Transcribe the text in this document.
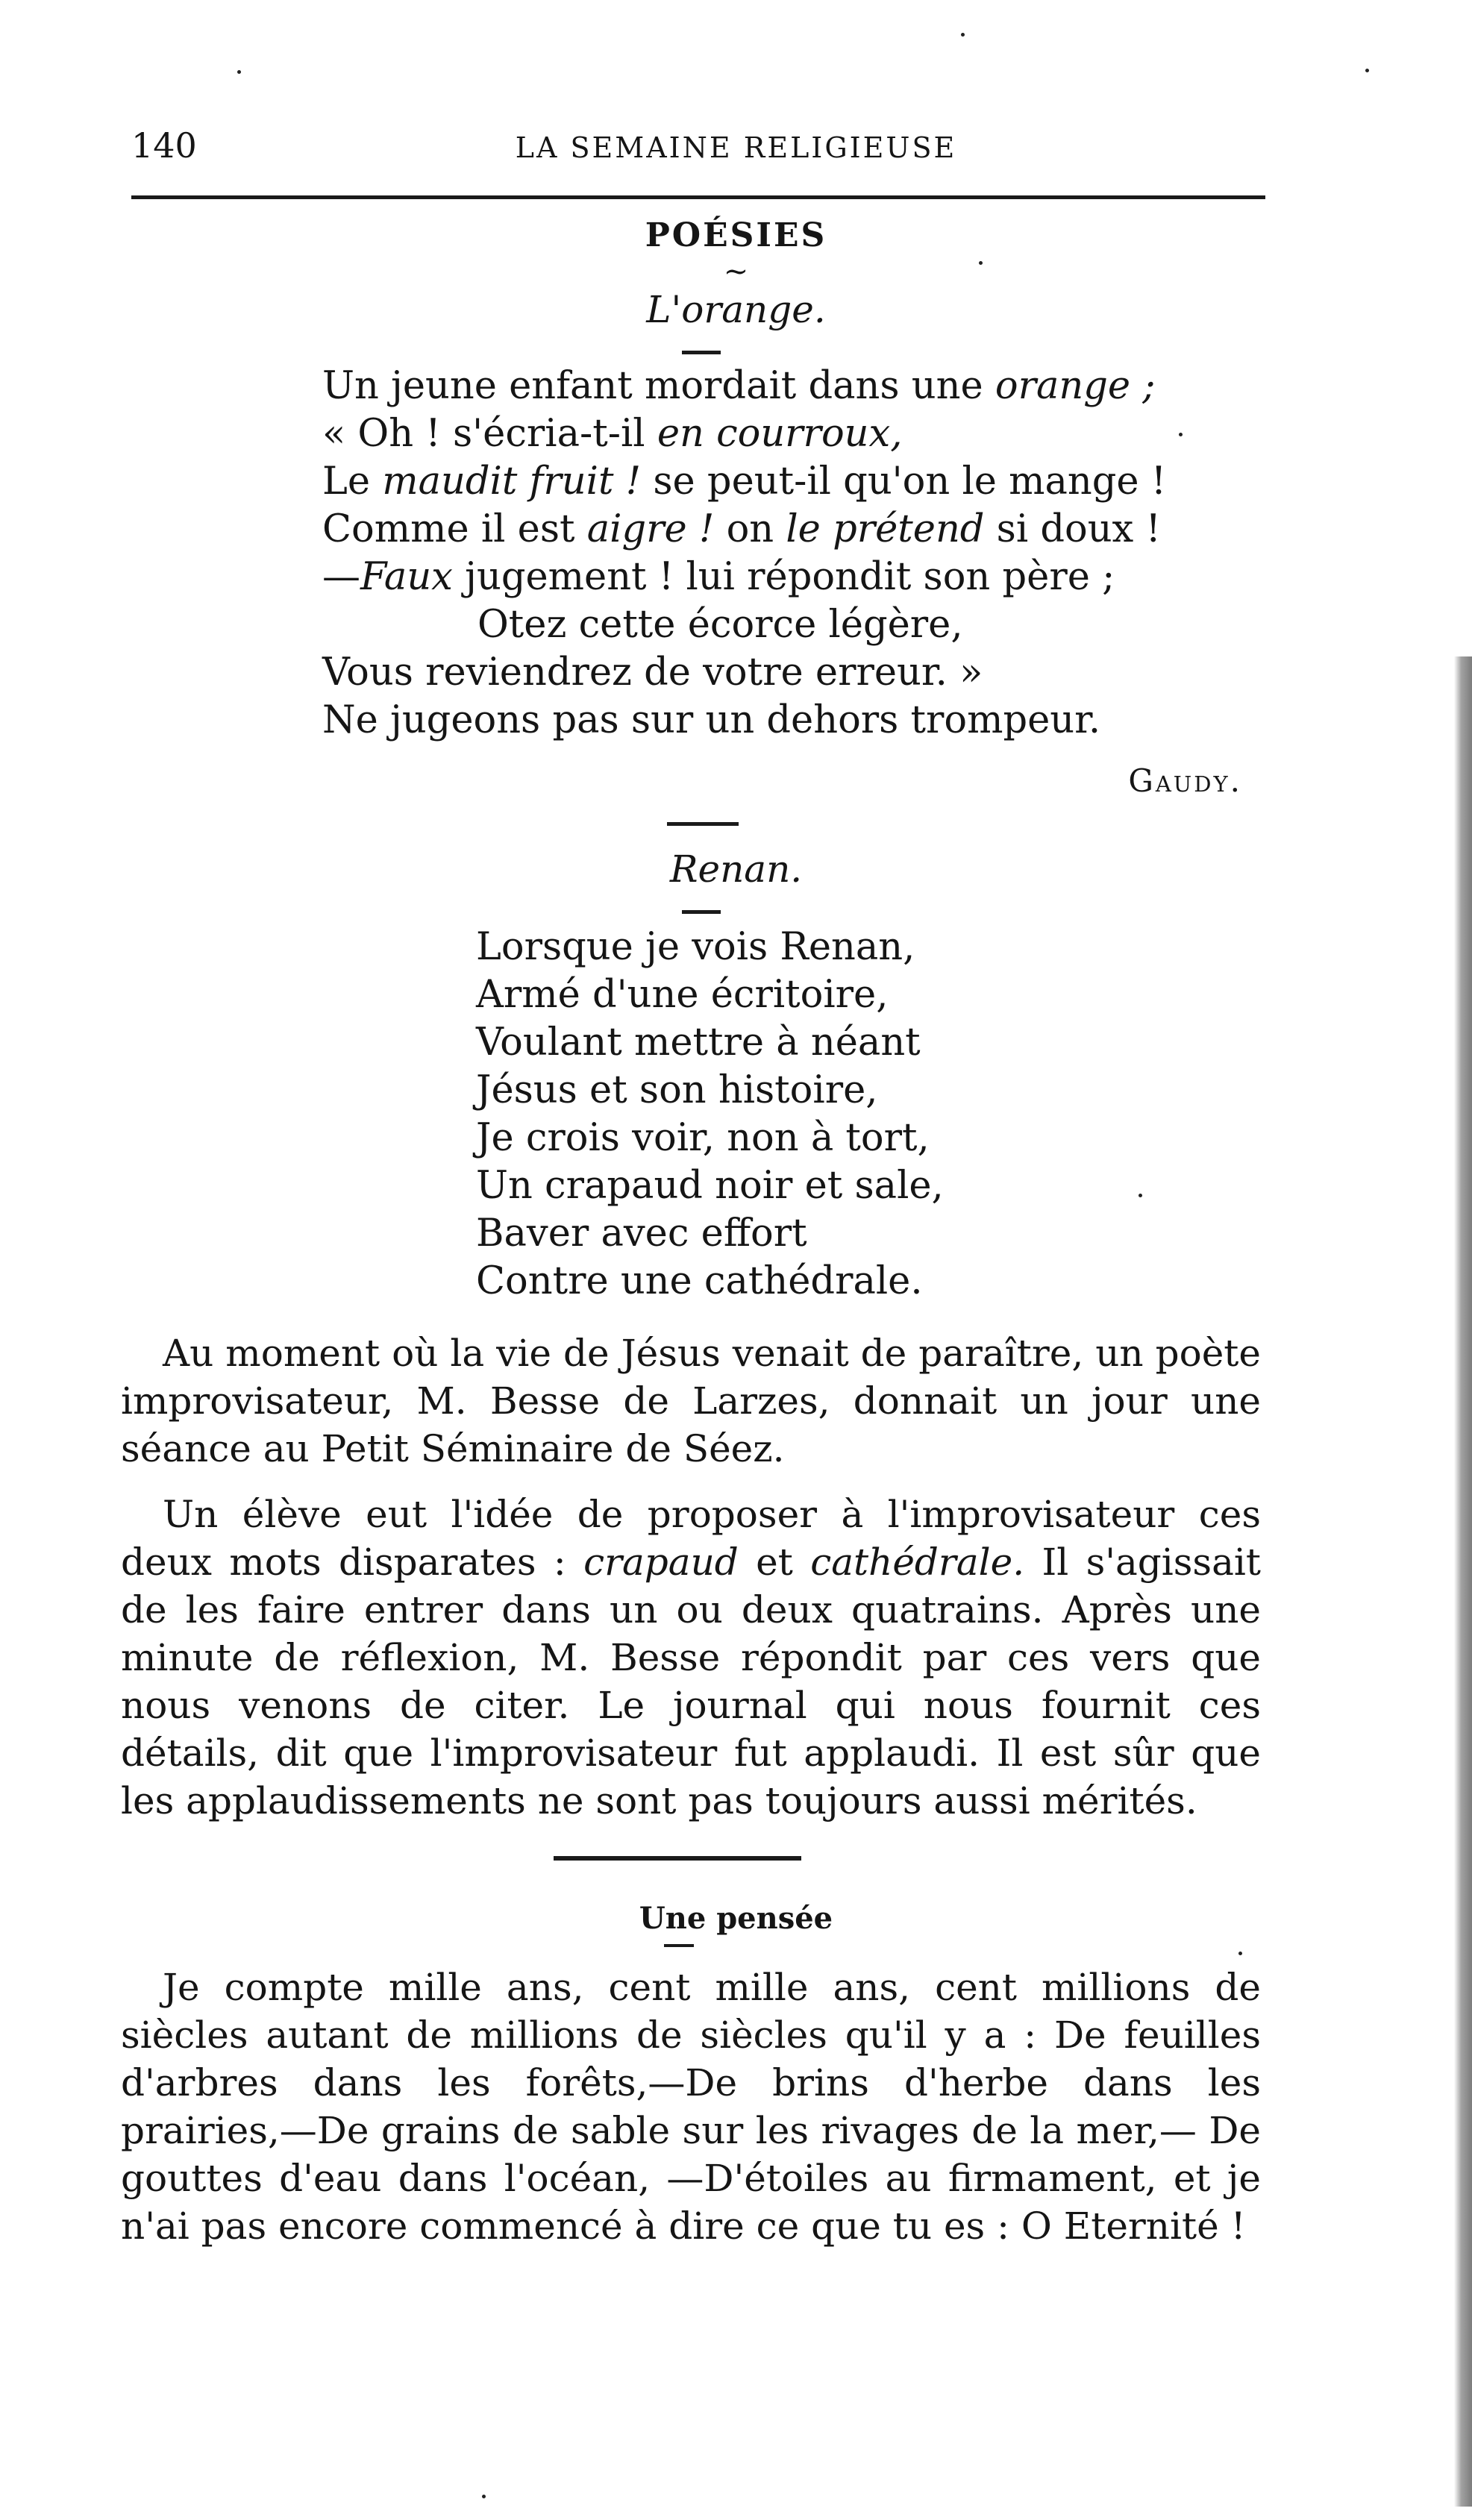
140	LA SEMAINE RELIGIEUSE
POÉSIES
~
L'orange.
Un jeune enfant mordait dans une orange ;
« Oh ! s'écria-t-il en courroux,
Le maudit fruit ! se peut-il qu'on le mange !
Comme il est aigre ! on le prétend si doux !
—Faux jugement ! lui répondit son père ;
Otez cette écorce légère,
Vous reviendrez de votre erreur. »
Ne jugeons pas sur un dehors trompeur.
Gaudy.
Renan.
Lorsque je vois Renan,
Armé d'une écritoire,
Voulant mettre à néant
Jésus et son histoire,
Je crois voir, non à tort,
Un crapaud noir et sale,
Baver avec effort
Contre une cathédrale.

Au moment où la vie de Jésus venait de paraître, un poète improvisateur, M. Besse de Larzes, donnait un jour une séance au Petit Séminaire de Séez.

Un élève eut l'idée de proposer à l'improvisateur ces deux mots disparates : crapaud et cathédrale. Il s'agissait de les faire entrer dans un ou deux quatrains. Après une minute de réflexion, M. Besse répondit par ces vers que nous venons de citer. Le journal qui nous fournit ces détails, dit que l'improvisateur fut applaudi. Il est sûr que les applaudissements ne sont pas toujours aussi mérités.

Une pensée

Je compte mille ans, cent mille ans, cent millions de siècles autant de millions de siècles qu'il y a : De feuilles d'arbres dans les forêts,—De brins d'herbe dans les prairies,—De grains de sable sur les rivages de la mer,— De gouttes d'eau dans l'océan, —D'étoiles au firmament, et je n'ai pas encore commencé à dire ce que tu es : O Eternité !
